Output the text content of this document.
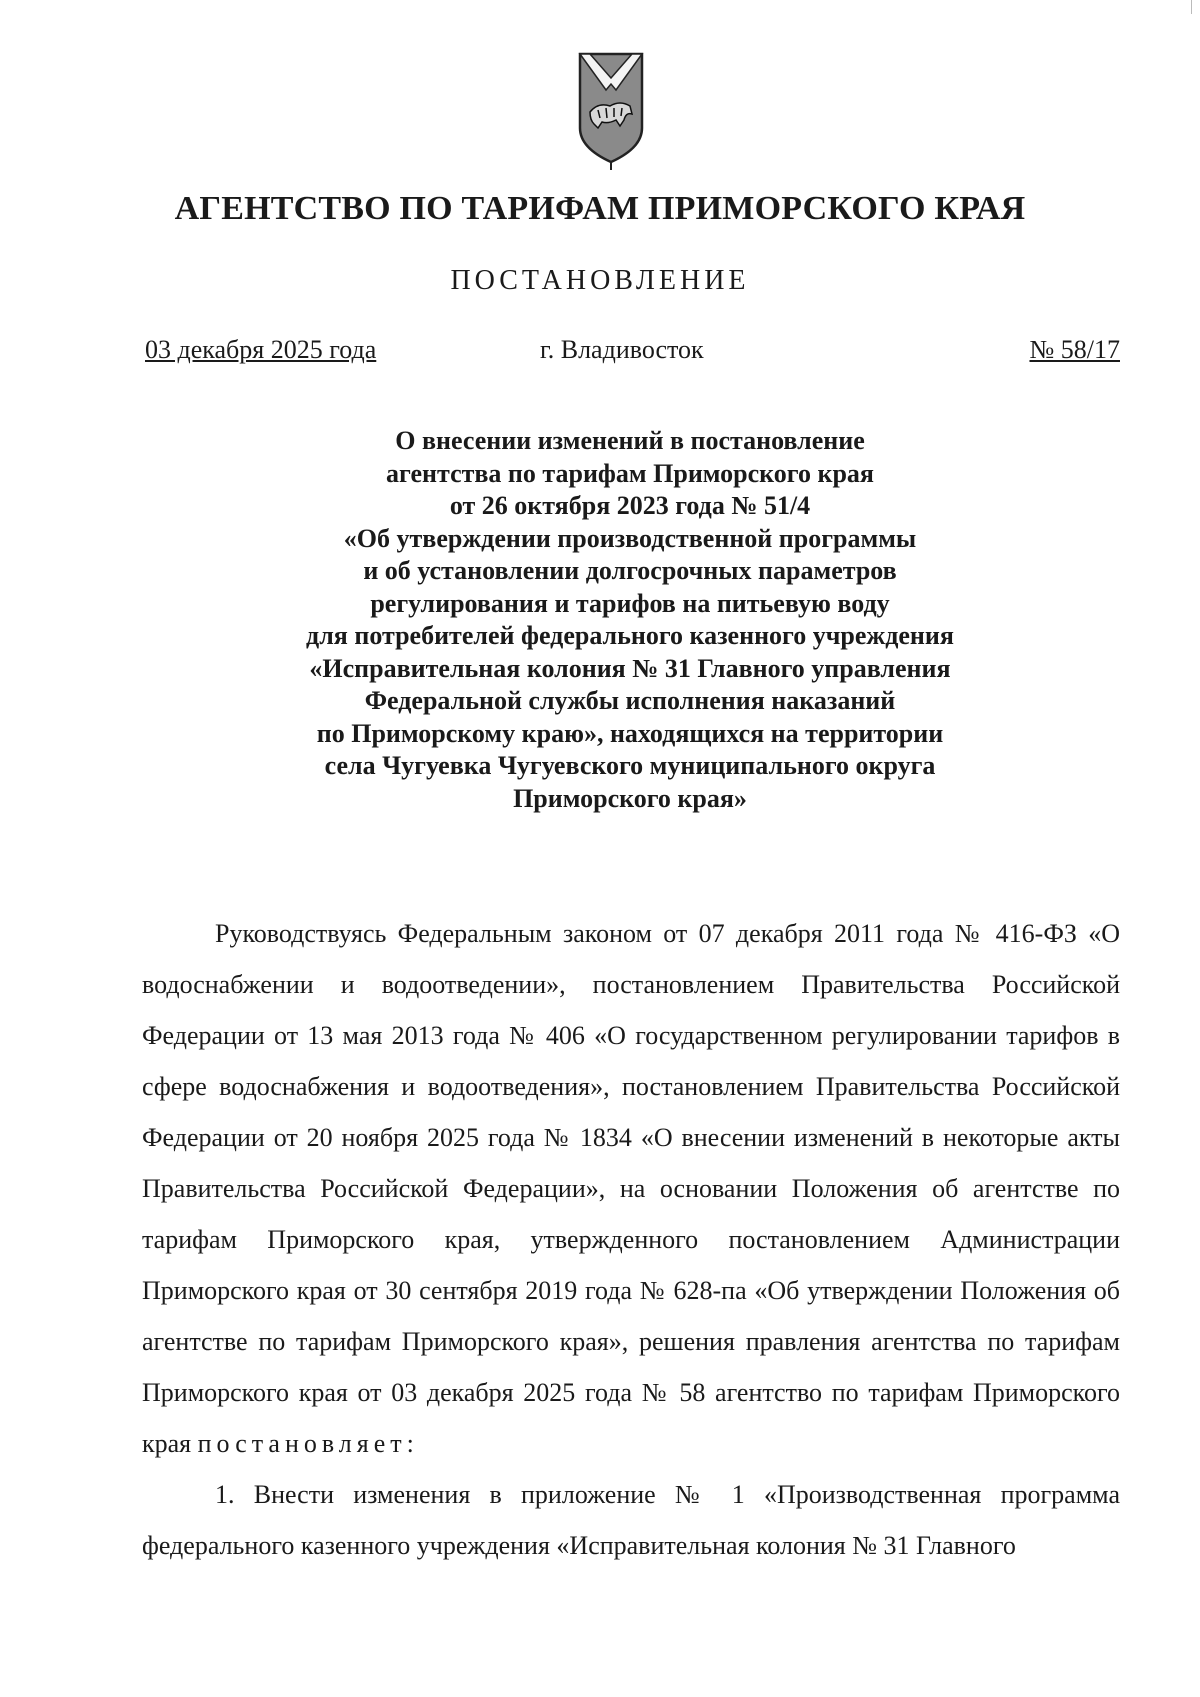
АГЕНТСТВО ПО ТАРИФАМ ПРИМОРСКОГО КРАЯ
ПОСТАНОВЛЕНИЕ
03 декабря 2025 года	г. Владивосток	№ 58/17
О внесении изменений в постановление
агентства по тарифам Приморского края
от 26 октября 2023 года № 51/4
«Об утверждении производственной программы
и об установлении долгосрочных параметров
регулирования и тарифов на питьевую воду
для потребителей федерального казенного учреждения
«Исправительная колония № 31 Главного управления
Федеральной службы исполнения наказаний
по Приморскому краю», находящихся на территории
села Чугуевка Чугуевского муниципального округа
Приморского края»

Руководствуясь Федеральным законом от 07 декабря 2011 года № 416-ФЗ «О водоснабжении и водоотведении», постановлением Правительства Российской Федерации от 13 мая 2013 года № 406 «О государственном регулировании тарифов в сфере водоснабжения и водоотведения», постановлением Правительства Российской Федерации от 20 ноября 2025 года № 1834 «О внесении изменений в некоторые акты Правительства Российской Федерации», на основании Положения об агентстве по тарифам Приморского края, утвержденного постановлением Администрации Приморского края от 30 сентября 2019 года № 628-па «Об утверждении Положения об агентстве по тарифам Приморского края», решения правления агентства по тарифам Приморского края от 03 декабря 2025 года № 58 агентство по тарифам Приморского края постановляет:

1. Внести изменения в приложение № 1 «Производственная программа федерального казенного учреждения «Исправительная колония № 31 Главного
